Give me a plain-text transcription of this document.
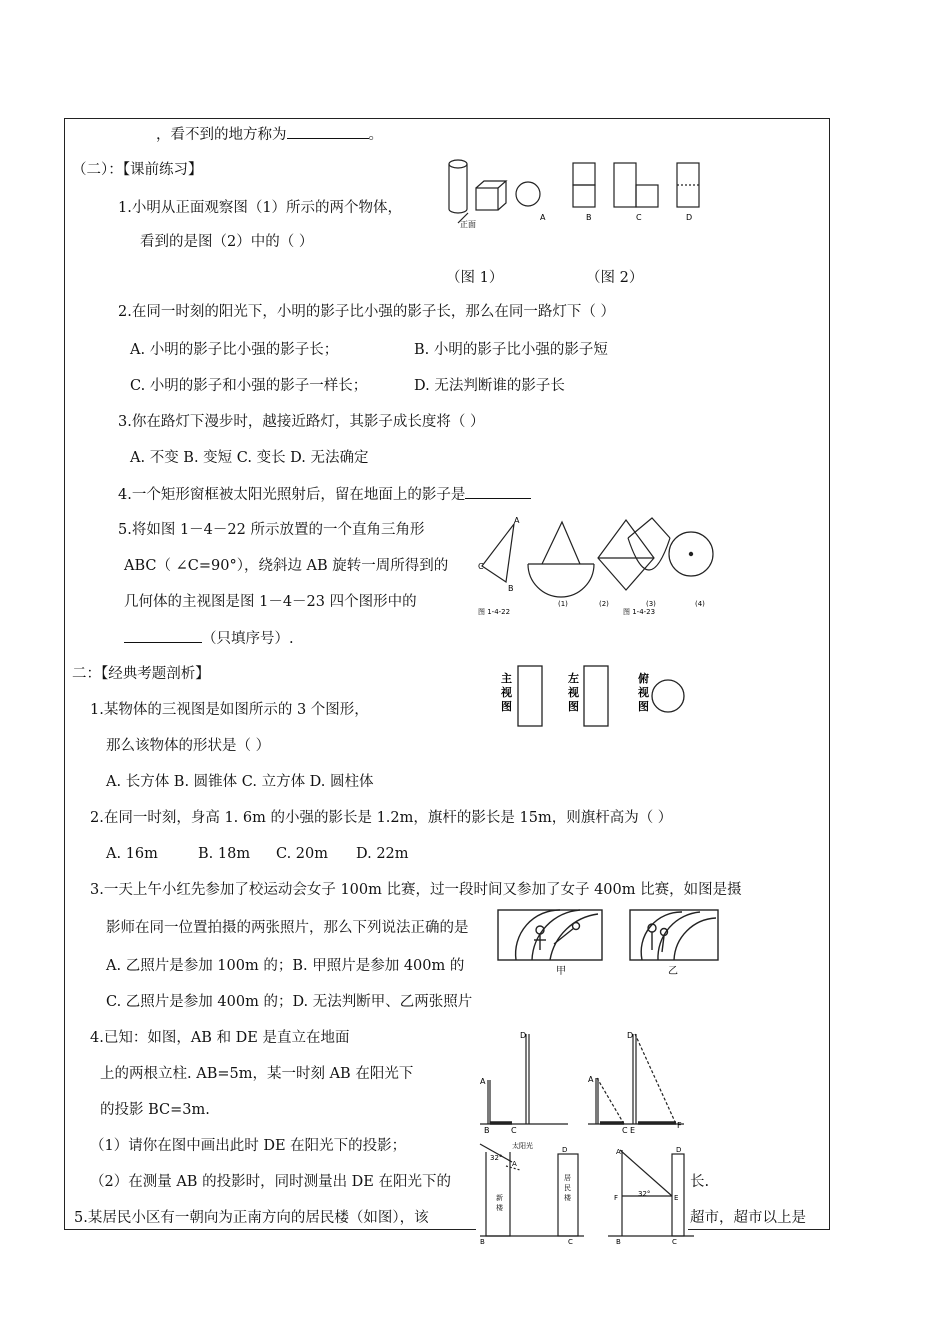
，看不到的地方称为	。
（二）：【课前练习】
1.小明从正面观察图（1）所示的两个物体，
看到的是图（2）中的（ ）
（图 1）	（图 2）
正面
A	B	C	D
2.在同一时刻的阳光下，小明的影子比小强的影子长，那么在同一路灯下（ ）
A. 小明的影子比小强的影子长；	B. 小明的影子比小强的影子短
C. 小明的影子和小强的影子一样长；	D. 无法判断谁的影子长
3.你在路灯下漫步时，越接近路灯，其影子成长度将（ ）
A. 不变 B. 变短 C. 变长 D. 无法确定
4.一个矩形窗框被太阳光照射后，留在地面上的影子是
5.将如图 1－4－22 所示放置的一个直角三角形
ABC（ ∠C=90°），绕斜边 AB 旋转一周所得到的
几何体的主视图是图 1－4－23 四个图形中的
（只填序号）.
A
B
C
图 1-4-22
(1)	(2)	(3)	(4)
图 1-4-23
二：【经典考题剖析】	主
视
图
左
视
图
俯
视
图
1.某物体的三视图是如图所示的 3 个图形，
那么该物体的形状是（ ）
A. 长方体 B. 圆锥体 C. 立方体 D. 圆柱体
2.在同一时刻，身高 1. 6m 的小强的影长是 1.2m，旗杆的影长是 15m，则旗杆高为（ ）
A. 16m	B. 18m C. 20m D. 22m
3.一天上午小红先参加了校运动会女子 100m 比赛，过一段时间又参加了女子 400m 比赛，如图是摄
影师在同一位置拍摄的两张照片，那么下列说法正确的是
A. 乙照片是参加 100m 的；B. 甲照片是参加 400m 的
C. 乙照片是参加 400m 的；D. 无法判断甲、乙两张照片
甲	乙
4.已知：如图，AB 和 DE 是直立在地面
上的两根立柱. AB=5m，某一时刻 AB 在阳光下
的投影 BC=3m.
（1）请你在图中画出此时 DE 在阳光下的投影；
（2）在测量 AB 的投影时，同时测量出 DE 在阳光下的	长.
A
B	C
D
A
C E
F
D
5.某居民小区有一朝向为正南方向的居民楼（如图），该	超市，超市以上是
太阳光
32°
新
楼
居
民
楼
A
B	C
D	A
32°
F	E
D
B	C
